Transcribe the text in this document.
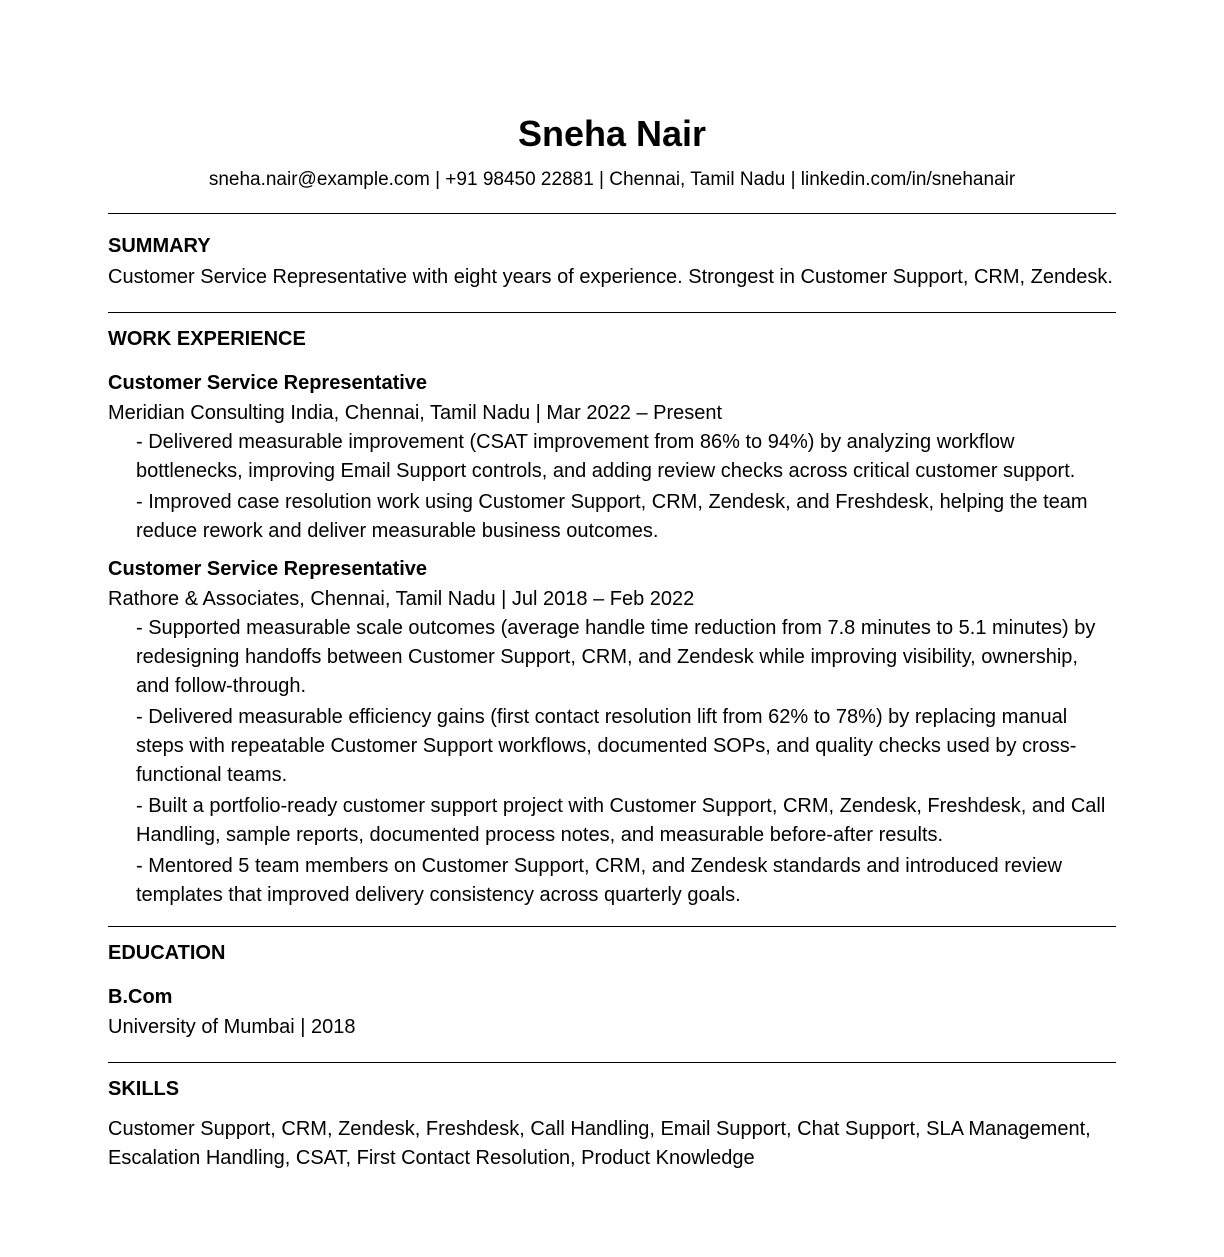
Sneha Nair
sneha.nair@example.com | +91 98450 22881 | Chennai, Tamil Nadu | linkedin.com/in/snehanair
SUMMARY

Customer Service Representative with eight years of experience. Strongest in Customer Support, CRM, Zendesk.

WORK EXPERIENCE
Customer Service Representative
Meridian Consulting India, Chennai, Tamil Nadu | Mar 2022 – Present
- Delivered measurable improvement (CSAT improvement from 86% to 94%) by analyzing workflow bottlenecks, improving Email Support controls, and adding review checks across critical customer support.
- Improved case resolution work using Customer Support, CRM, Zendesk, and Freshdesk, helping the team reduce rework and deliver measurable business outcomes.
Customer Service Representative
Rathore & Associates, Chennai, Tamil Nadu | Jul 2018 – Feb 2022
- Supported measurable scale outcomes (average handle time reduction from 7.8 minutes to 5.1 minutes) by redesigning handoffs between Customer Support, CRM, and Zendesk while improving visibility, ownership, and follow-through.
- Delivered measurable efficiency gains (first contact resolution lift from 62% to 78%) by replacing manual steps with repeatable Customer Support workflows, documented SOPs, and quality checks used by cross-functional teams.
- Built a portfolio-ready customer support project with Customer Support, CRM, Zendesk, Freshdesk, and Call Handling, sample reports, documented process notes, and measurable before-after results.
- Mentored 5 team members on Customer Support, CRM, and Zendesk standards and introduced review templates that improved delivery consistency across quarterly goals.
EDUCATION
B.Com
University of Mumbai | 2018
SKILLS

Customer Support, CRM, Zendesk, Freshdesk, Call Handling, Email Support, Chat Support, SLA Management, Escalation Handling, CSAT, First Contact Resolution, Product Knowledge
